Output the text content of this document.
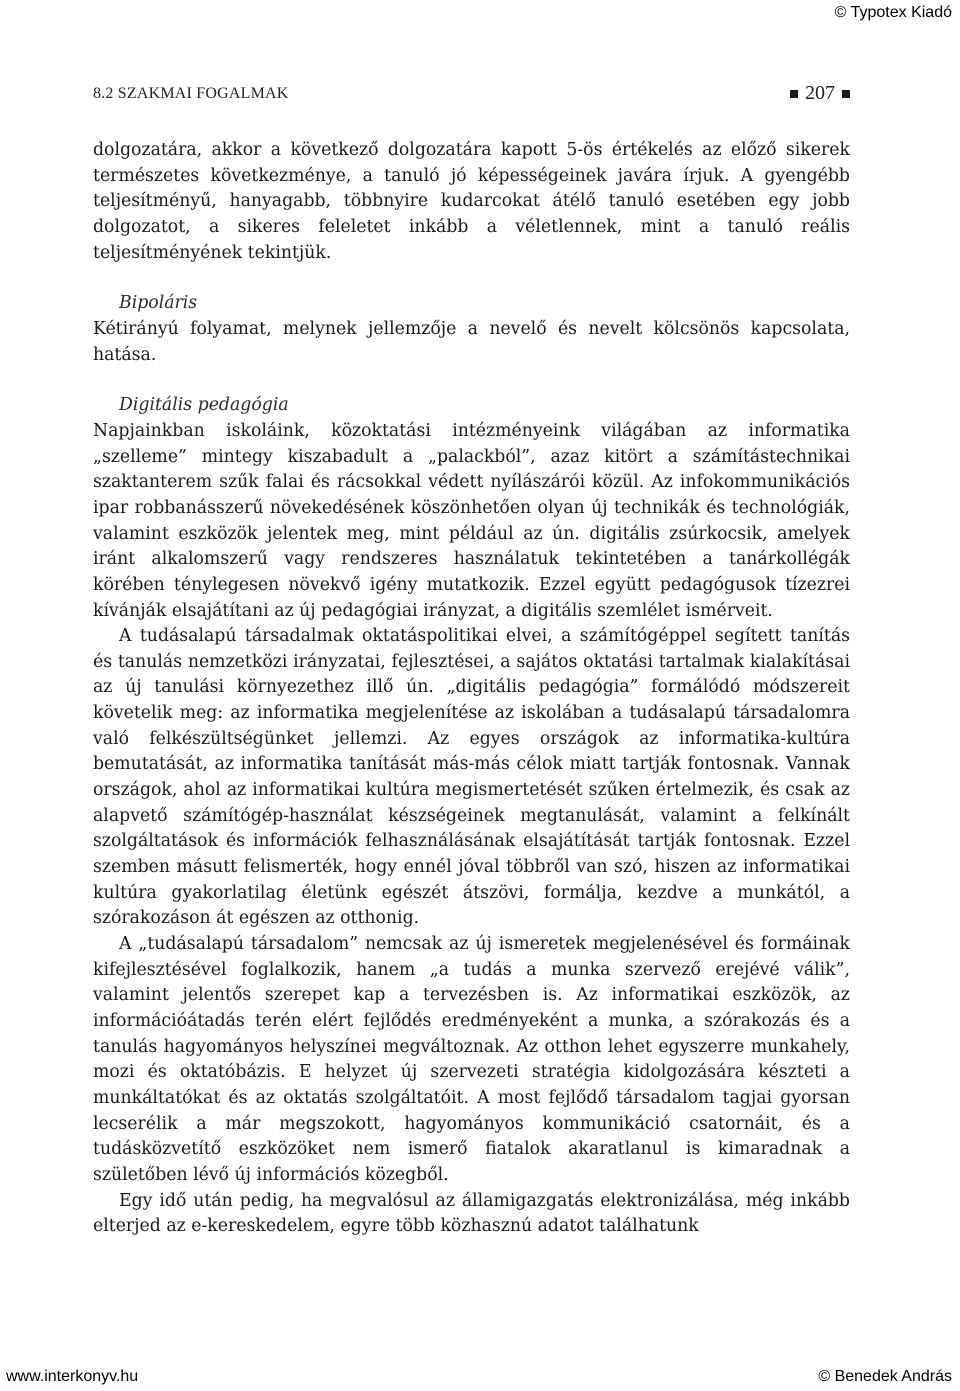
© Typotex Kiadó
8.2 SZAKMAI FOGALMAK	207

dolgozatára, akkor a következő dolgozatára kapott 5-ös értékelés az előző sikerek természetes következménye, a tanuló jó képességeinek javára írjuk. A gyengébb teljesítményű, hanyagabb, többnyire kudarcokat átélő tanuló esetében egy jobb dolgozatot, a sikeres feleletet inkább a véletlennek, mint a tanuló reális teljesítményének tekintjük.

Bipoláris

Kétirányú folyamat, melynek jellemzője a nevelő és nevelt kölcsönös kapcsolata, hatása.

Digitális pedagógia

Napjainkban iskoláink, közoktatási intézményeink világában az informatika „szelleme” mintegy kiszabadult a „palackból”, azaz kitört a számítástechnikai szaktanterem szűk falai és rácsokkal védett nyílászárói közül. Az infokommunikációs ipar robbanásszerű növekedésének köszönhetően olyan új technikák és technológiák, valamint eszközök jelentek meg, mint például az ún. digitális zsúrkocsik, amelyek iránt alkalomszerű vagy rendszeres használatuk tekintetében a tanárkollégák körében ténylegesen növekvő igény mutatkozik. Ezzel együtt pedagógusok tízezrei kívánják elsajátítani az új pedagógiai irányzat, a digitális szemlélet ismérveit.

A tudásalapú társadalmak oktatáspolitikai elvei, a számítógéppel segített tanítás és tanulás nemzetközi irányzatai, fejlesztései, a sajátos oktatási tartalmak kialakításai az új tanulási környezethez illő ún. „digitális pedagógia” formálódó módszereit követelik meg: az informatika megjelenítése az iskolában a tudásalapú társadalomra való felkészültségünket jellemzi. Az egyes országok az informatika-kultúra bemutatását, az informatika tanítását más-más célok miatt tartják fontosnak. Vannak országok, ahol az informatikai kultúra megismertetését szűken értelmezik, és csak az alapvető számítógép-használat készségeinek megtanulását, valamint a felkínált szolgáltatások és információk felhasználásának elsajátítását tartják fontosnak. Ezzel szemben másutt felismerték, hogy ennél jóval többről van szó, hiszen az informatikai kultúra gyakorlatilag életünk egészét átszövi, formálja, kezdve a munkától, a szórakozáson át egészen az otthonig.

A „tudásalapú társadalom” nemcsak az új ismeretek megjelenésével és formáinak kifejlesztésével foglalkozik, hanem „a tudás a munka szervező erejévé válik”, valamint jelentős szerepet kap a tervezésben is. Az informatikai eszközök, az információátadás terén elért fejlődés eredményeként a munka, a szórakozás és a tanulás hagyományos helyszínei megváltoznak. Az otthon lehet egyszerre munkahely, mozi és oktatóbázis. E helyzet új szervezeti stratégia kidolgozására készteti a munkáltatókat és az oktatás szolgáltatóit. A most fejlődő társadalom tagjai gyorsan lecserélik a már megszokott, hagyományos kommunikáció csatornáit, és a tudásközvetítő eszközöket nem ismerő fiatalok akaratlanul is kimaradnak a születőben lévő új információs közegből.

Egy idő után pedig, ha megvalósul az államigazgatás elektronizálása, még inkább elterjed az e-kereskedelem, egyre több közhasznú adatot találhatunk

www.interkonyv.hu	© Benedek András
